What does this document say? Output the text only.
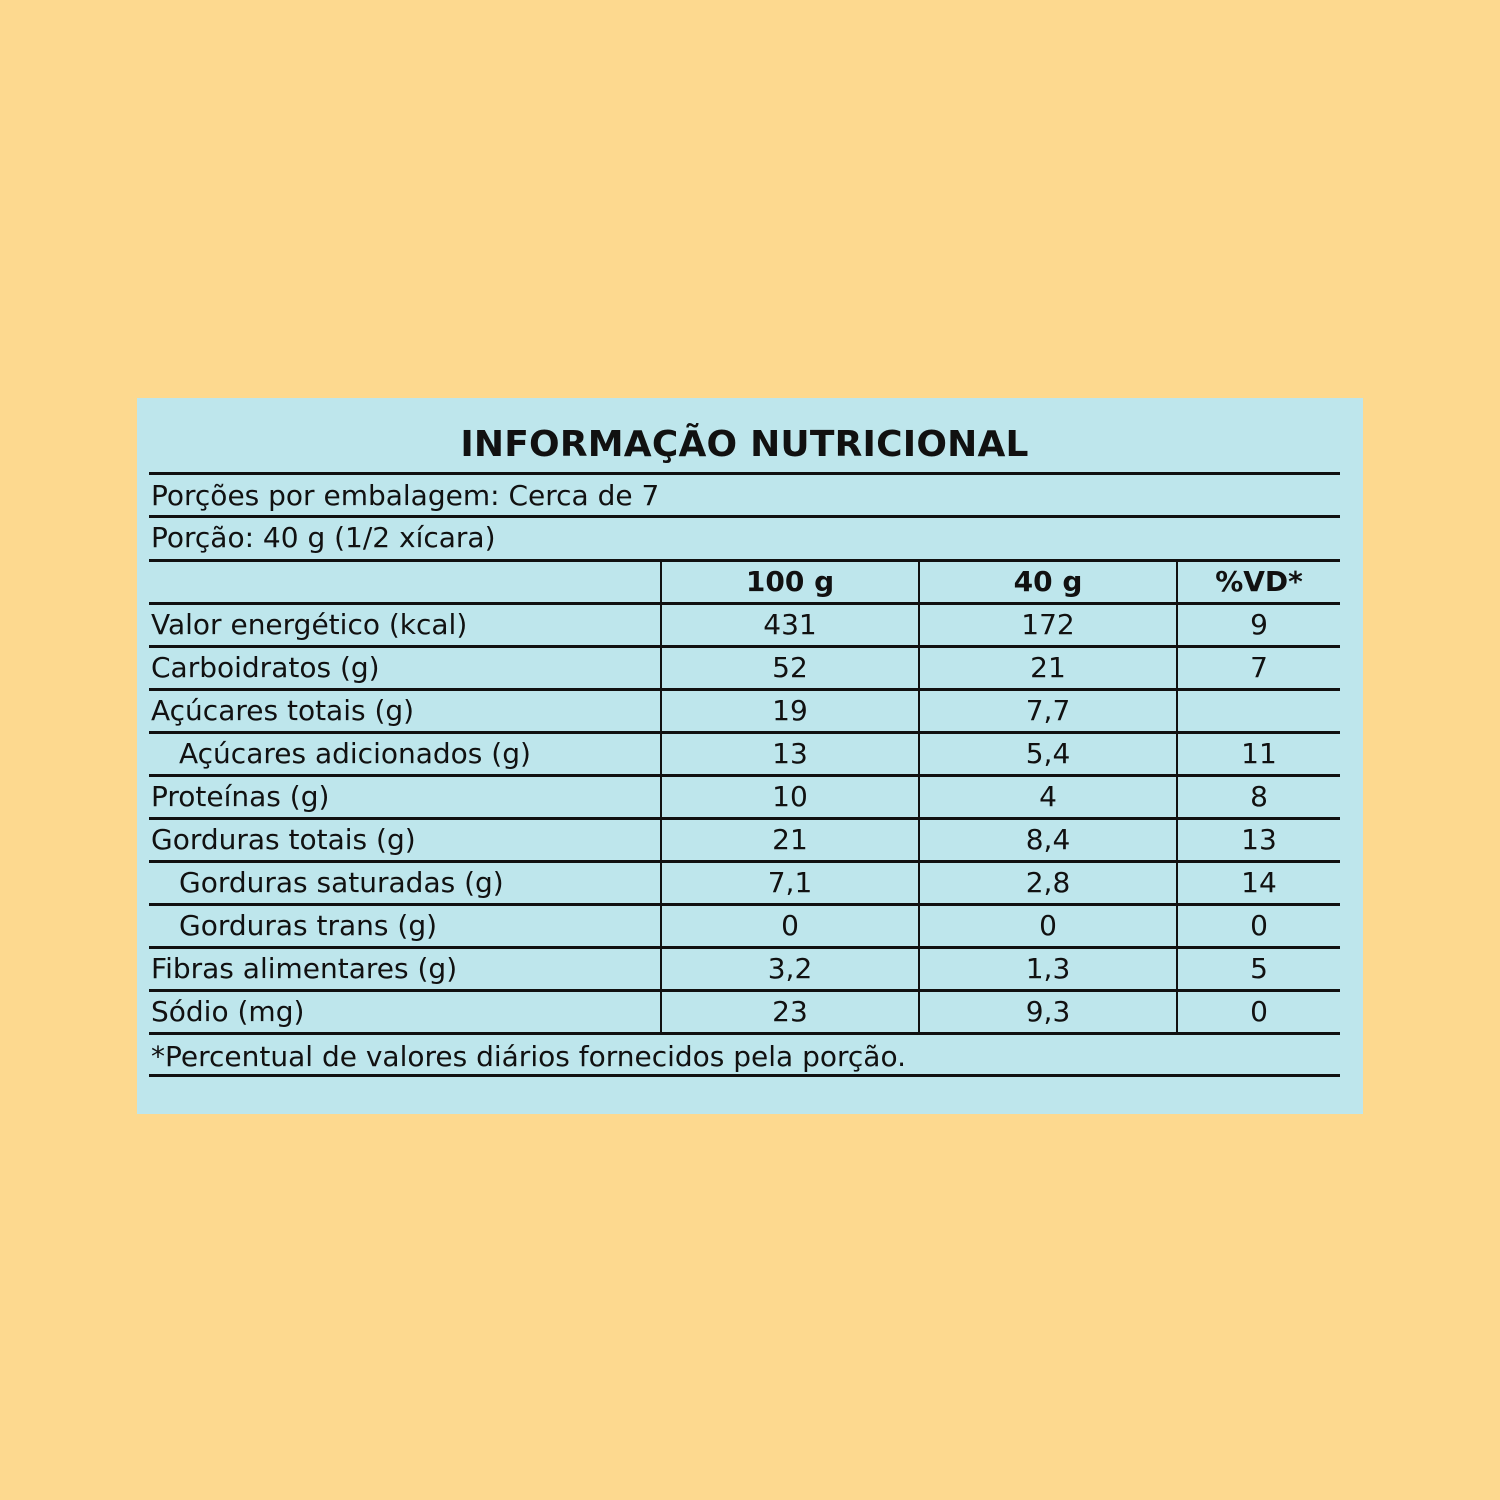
INFORMAÇÃO NUTRICIONAL
Porções por embalagem: Cerca de 7
Porção: 40 g (1/2 xícara)
	100 g	40 g	%VD*
Valor energético (kcal)	431	172	9
Carboidratos (g)	52	21	7
Açúcares totais (g)	19	7,7	
Açúcares adicionados (g)	13	5,4	11
Proteínas (g)	10	4	8
Gorduras totais (g)	21	8,4	13
Gorduras saturadas (g)	7,1	2,8	14
Gorduras trans (g)	0	0	0
Fibras alimentares (g)	3,2	1,3	5
Sódio (mg)	23	9,3	0
*Percentual de valores diários fornecidos pela porção.
